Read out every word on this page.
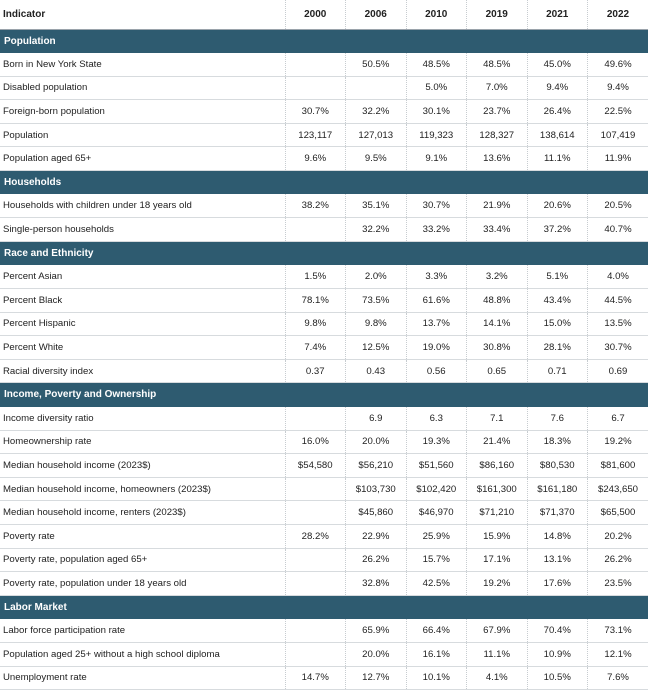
Indicator	2000	2006	2010	2019	2021	2022
Population						
Born in New York State		50.5%	48.5%	48.5%	45.0%	49.6%
Disabled population			5.0%	7.0%	9.4%	9.4%
Foreign-born population	30.7%	32.2%	30.1%	23.7%	26.4%	22.5%
Population	123,117	127,013	119,323	128,327	138,614	107,419
Population aged 65+	9.6%	9.5%	9.1%	13.6%	11.1%	11.9%
Households						
Households with children under 18 years old	38.2%	35.1%	30.7%	21.9%	20.6%	20.5%
Single-person households		32.2%	33.2%	33.4%	37.2%	40.7%
Race and Ethnicity						
Percent Asian	1.5%	2.0%	3.3%	3.2%	5.1%	4.0%
Percent Black	78.1%	73.5%	61.6%	48.8%	43.4%	44.5%
Percent Hispanic	9.8%	9.8%	13.7%	14.1%	15.0%	13.5%
Percent White	7.4%	12.5%	19.0%	30.8%	28.1%	30.7%
Racial diversity index	0.37	0.43	0.56	0.65	0.71	0.69
Income, Poverty and Ownership						
Income diversity ratio		6.9	6.3	7.1	7.6	6.7
Homeownership rate	16.0%	20.0%	19.3%	21.4%	18.3%	19.2%
Median household income (2023$)	$54,580	$56,210	$51,560	$86,160	$80,530	$81,600
Median household income, homeowners (2023$)		$103,730	$102,420	$161,300	$161,180	$243,650
Median household income, renters (2023$)		$45,860	$46,970	$71,210	$71,370	$65,500
Poverty rate	28.2%	22.9%	25.9%	15.9%	14.8%	20.2%
Poverty rate, population aged 65+		26.2%	15.7%	17.1%	13.1%	26.2%
Poverty rate, population under 18 years old		32.8%	42.5%	19.2%	17.6%	23.5%
Labor Market						
Labor force participation rate		65.9%	66.4%	67.9%	70.4%	73.1%
Population aged 25+ without a high school diploma		20.0%	16.1%	11.1%	10.9%	12.1%
Unemployment rate	14.7%	12.7%	10.1%	4.1%	10.5%	7.6%
